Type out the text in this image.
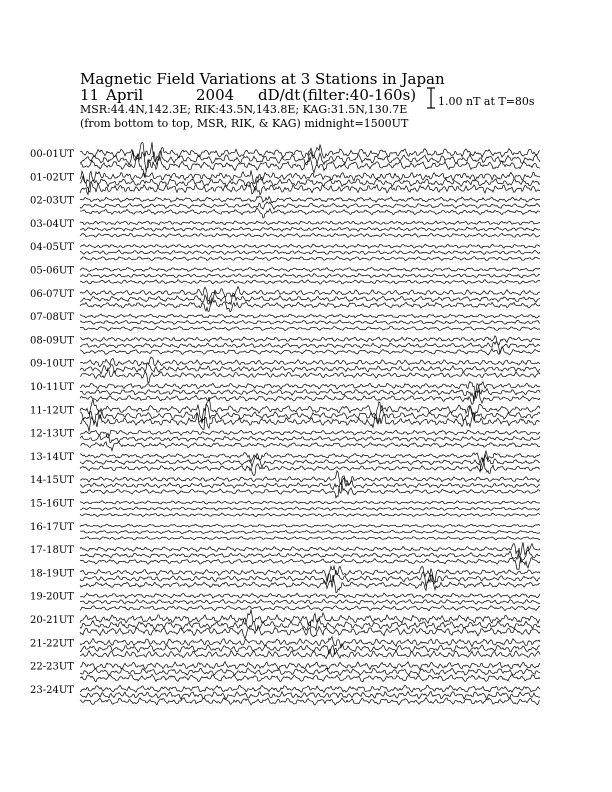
Magnetic Field Variations at 3 Stations in Japan
11 April	2004 dD/dt (filter:40-160s)
MSR:44.4N,142.3E; RIK:43.5N,143.8E; KAG:31.5N,130.7E
(from bottom to top, MSR, RIK, & KAG) midnight=1500UT
1.00 nT at T=80s
00-01UT
01-02UT
02-03UT
03-04UT
04-05UT
05-06UT
06-07UT
07-08UT
08-09UT
09-10UT
10-11UT
11-12UT
12-13UT
13-14UT
14-15UT
15-16UT
16-17UT
17-18UT
18-19UT
19-20UT
20-21UT
21-22UT
22-23UT
23-24UT
